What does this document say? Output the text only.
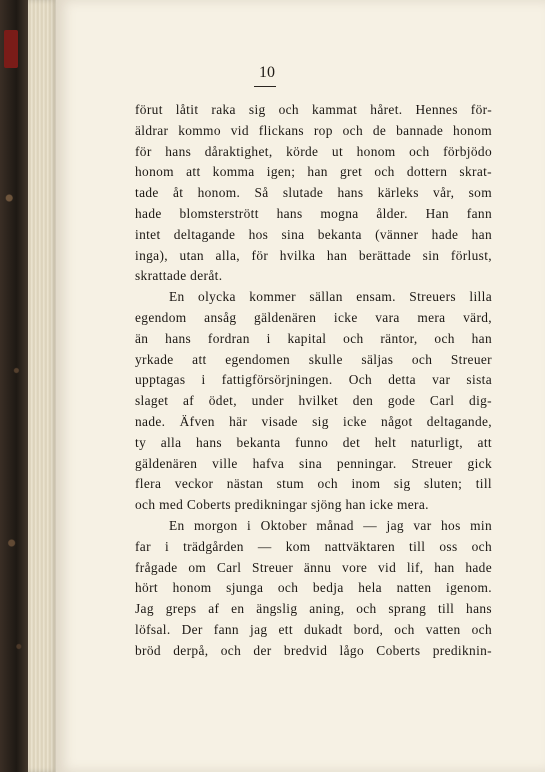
10
förut låtit raka sig och kammat håret. Hennes för-
äldrar kommo vid flickans rop och de bannade honom
för hans dåraktighet, körde ut honom och förbjödo
honom att komma igen; han gret och dottern skrat-
tade åt honom. Så slutade hans kärleks vår, som
hade blomsterstrött hans mogna ålder. Han fann
intet deltagande hos sina bekanta (vänner hade han
inga), utan alla, för hvilka han berättade sin förlust,
skrattade deråt.
En olycka kommer sällan ensam. Streuers lilla
egendom ansåg gäldenären icke vara mera värd,
än hans fordran i kapital och räntor, och han
yrkade att egendomen skulle säljas och Streuer
upptagas i fattigförsörjningen. Och detta var sista
slaget af ödet, under hvilket den gode Carl dig-
nade. Äfven här visade sig icke något deltagande,
ty alla hans bekanta funno det helt naturligt, att
gäldenären ville hafva sina penningar. Streuer gick
flera veckor nästan stum och inom sig sluten; till
och med Coberts predikningar sjöng han icke mera.
En morgon i Oktober månad — jag var hos min
far i trädgården — kom nattväktaren till oss och
frågade om Carl Streuer ännu vore vid lif, han hade
hört honom sjunga och bedja hela natten igenom.
Jag greps af en ängslig aning, och sprang till hans
löfsal. Der fann jag ett dukadt bord, och vatten och
bröd derpå, och der bredvid lågo Coberts prediknin-
